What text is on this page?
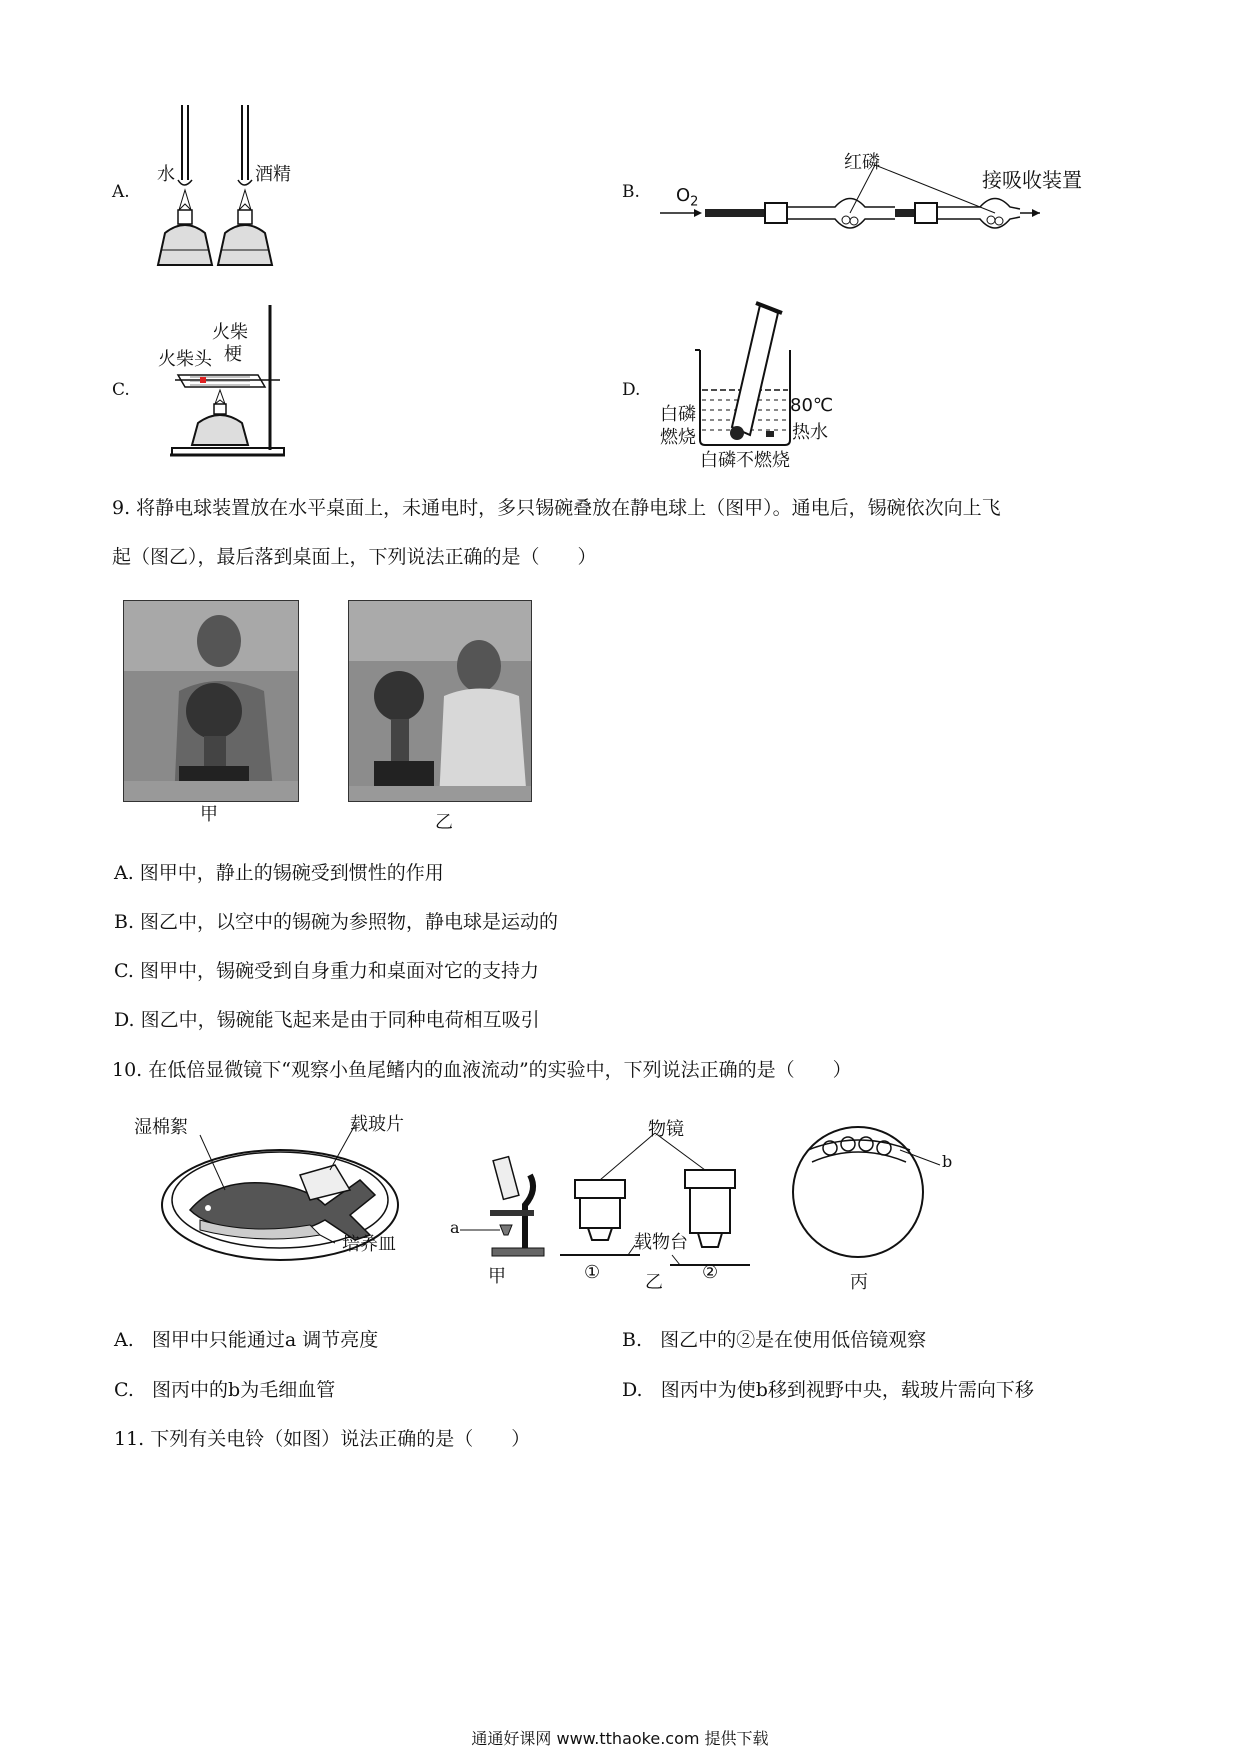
A.
水	酒精
B. $O_2$
红磷
接吸收装置
C.
火柴头
火柴
梗
D.
80℃
热水
白磷
燃烧
白磷不燃烧
9. 将静电球装置放在水平桌面上，未通电时，多只锡碗叠放在静电球上（图甲）。通电后，锡碗依次向上飞
起（图乙），最后落到桌面上，下列说法正确的是（　　）
甲	乙
A. 图甲中，静止的锡碗受到惯性的作用
B. 图乙中，以空中的锡碗为参照物，静电球是运动的
C. 图甲中，锡碗受到自身重力和桌面对它的支持力
D. 图乙中，锡碗能飞起来是由于同种电荷相互吸引
10. 在低倍显微镜下“观察小鱼尾鳍内的血液流动”的实验中，下列说法正确的是（　　）
湿棉絮	载玻片
培养皿
a
甲
物镜
载物台
① 乙 ②
b
丙
A. 图甲中只能通过a 调节亮度	B. 图乙中的②是在使用低倍镜观察
C. 图丙中的b为毛细血管	D. 图丙中为使b移到视野中央，载玻片需向下移
11. 下列有关电铃（如图）说法正确的是（　　）
通通好课网 www.tthaoke.com 提供下载
